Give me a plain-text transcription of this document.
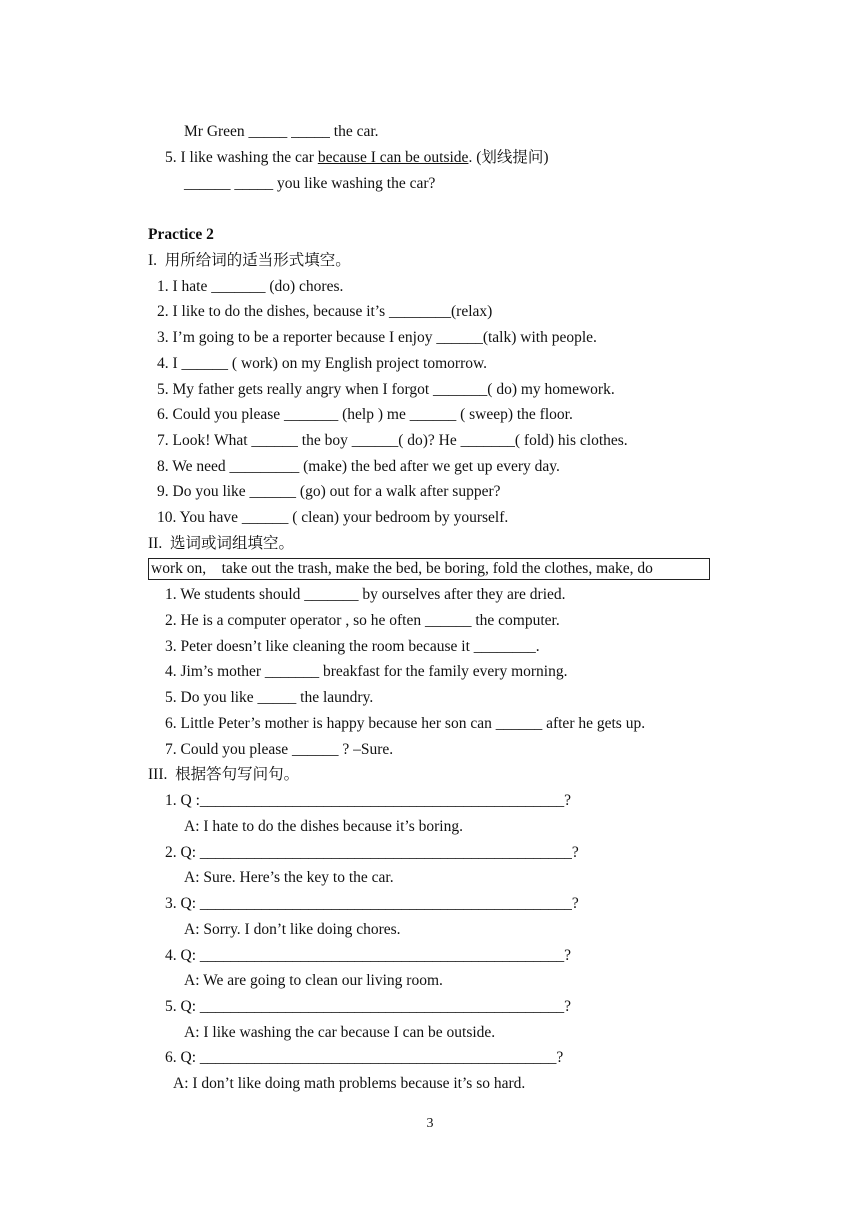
Mr Green _____ _____ the car.
5. I like washing the car because I can be outside. (划线提问)
______ _____ you like washing the car?
Practice 2
I.  用所给词的适当形式填空。
1. I hate _______ (do) chores.
2. I like to do the dishes, because it’s ________(relax)
3. I’m going to be a reporter because I enjoy ______(talk) with people.
4. I ______ ( work) on my English project tomorrow.
5. My father gets really angry when I forgot _______( do) my homework.
6. Could you please _______ (help ) me ______ ( sweep) the floor.
7. Look! What ______ the boy ______( do)? He _______( fold) his clothes.
8. We need _________ (make) the bed after we get up every day.
9. Do you like ______ (go) out for a walk after supper?
10. You have ______ ( clean) your bedroom by yourself.
II.  选词或词组填空。
work on,    take out the trash, make the bed, be boring, fold the clothes, make, do
1. We students should _______ by ourselves after they are dried.
2. He is a computer operator , so he often ______ the computer.
3. Peter doesn’t like cleaning the room because it ________.
4. Jim’s mother _______ breakfast for the family every morning.
5. Do you like _____ the laundry.
6. Little Peter’s mother is happy because her son can ______ after he gets up.
7. Could you please ______ ? –Sure.
III.  根据答句写问句。
1. Q :_______________________________________________?
A: I hate to do the dishes because it’s boring.
2. Q: ________________________________________________?
A: Sure. Here’s the key to the car.
3. Q: ________________________________________________?
A: Sorry. I don’t like doing chores.
4. Q: _______________________________________________?
A: We are going to clean our living room.
5. Q: _______________________________________________?
A: I like washing the car because I can be outside.
6. Q: ______________________________________________?
A: I don’t like doing math problems because it’s so hard.
3
